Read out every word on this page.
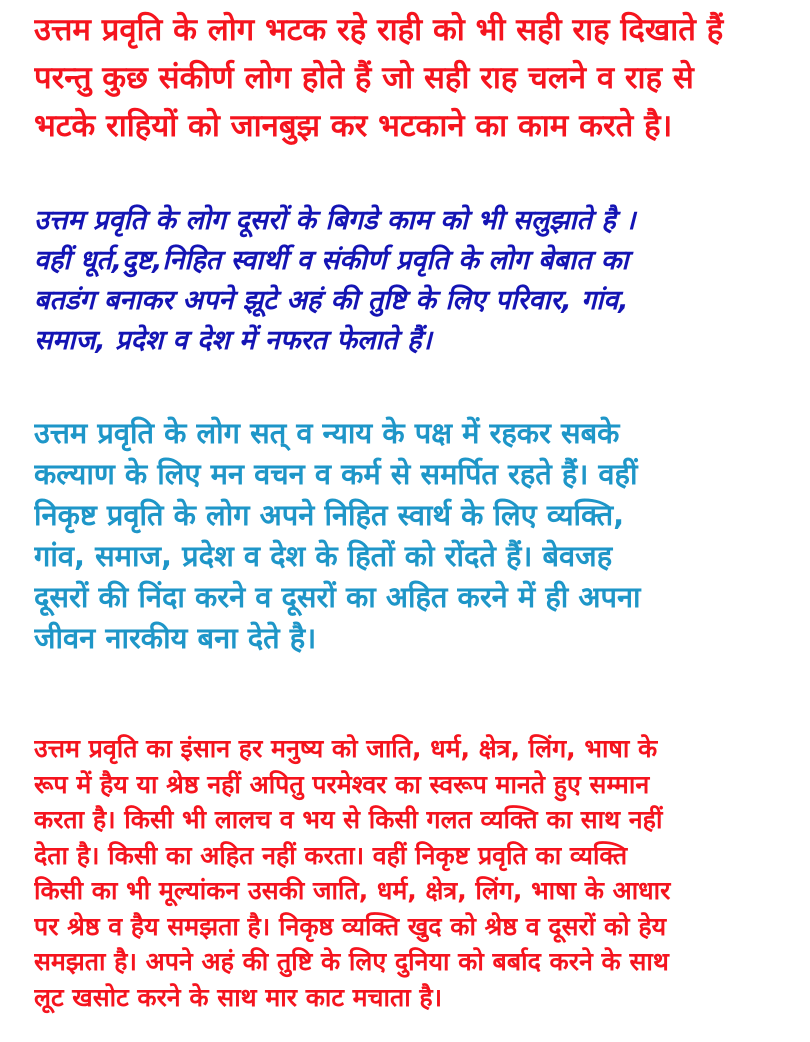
उत्तम प्रवृति के लोग भटक रहे राही को भी सही राह दिखाते हैं
परन्तु कुछ संकीर्ण लोग होते हैं जो सही राह चलने व राह से
भटके राहियों को जानबुझ कर भटकाने का काम करते है।
उत्तम प्रवृति के लोग दूसरों के बिगडे काम को भी सलुझाते है ।
वहीं धूर्त,दुष्ट,निहित स्वार्थी व संकीर्ण प्रवृति के लोग बेबात का
बतडंग बनाकर अपने झूटे अहं की तुष्टि के लिए परिवार, गांव,
समाज, प्रदेश व देश में नफरत फेलाते हैं।
उत्तम प्रवृति के लोग सत् व न्याय के पक्ष में रहकर सबके
कल्याण के लिए मन वचन व कर्म से समर्पित रहते हैं। वहीं
निकृष्ट प्रवृति के लोग अपने निहित स्वार्थ के लिए व्यक्ति,
गांव, समाज, प्रदेश व देश के हितों को रोंदते हैं। बेवजह
दूसरों की निंदा करने व दूसरों का अहित करने में ही अपना
जीवन नारकीय बना देते है।
उत्तम प्रवृति का इंसान हर मनुष्य को जाति, धर्म, क्षेत्र, लिंग, भाषा के
रूप में हैय या श्रेष्ठ नहीं अपितु परमेश्वर का स्वरूप मानते हुए सम्मान
करता है। किसी भी लालच व भय से किसी गलत व्यक्ति का साथ नहीं
देता है। किसी का अहित नहीं करता। वहीं निकृष्ट प्रवृति का व्यक्ति
किसी का भी मूल्यांकन उसकी जाति, धर्म, क्षेत्र, लिंग, भाषा के आधार
पर श्रेष्ठ व हैय समझता है। निकृष्ठ व्यक्ति खुद को श्रेष्ठ व दूसरों को हेय
समझता है। अपने अहं की तुष्टि के लिए दुनिया को बर्बाद करने के साथ
लूट खसोट करने के साथ मार काट मचाता है।
